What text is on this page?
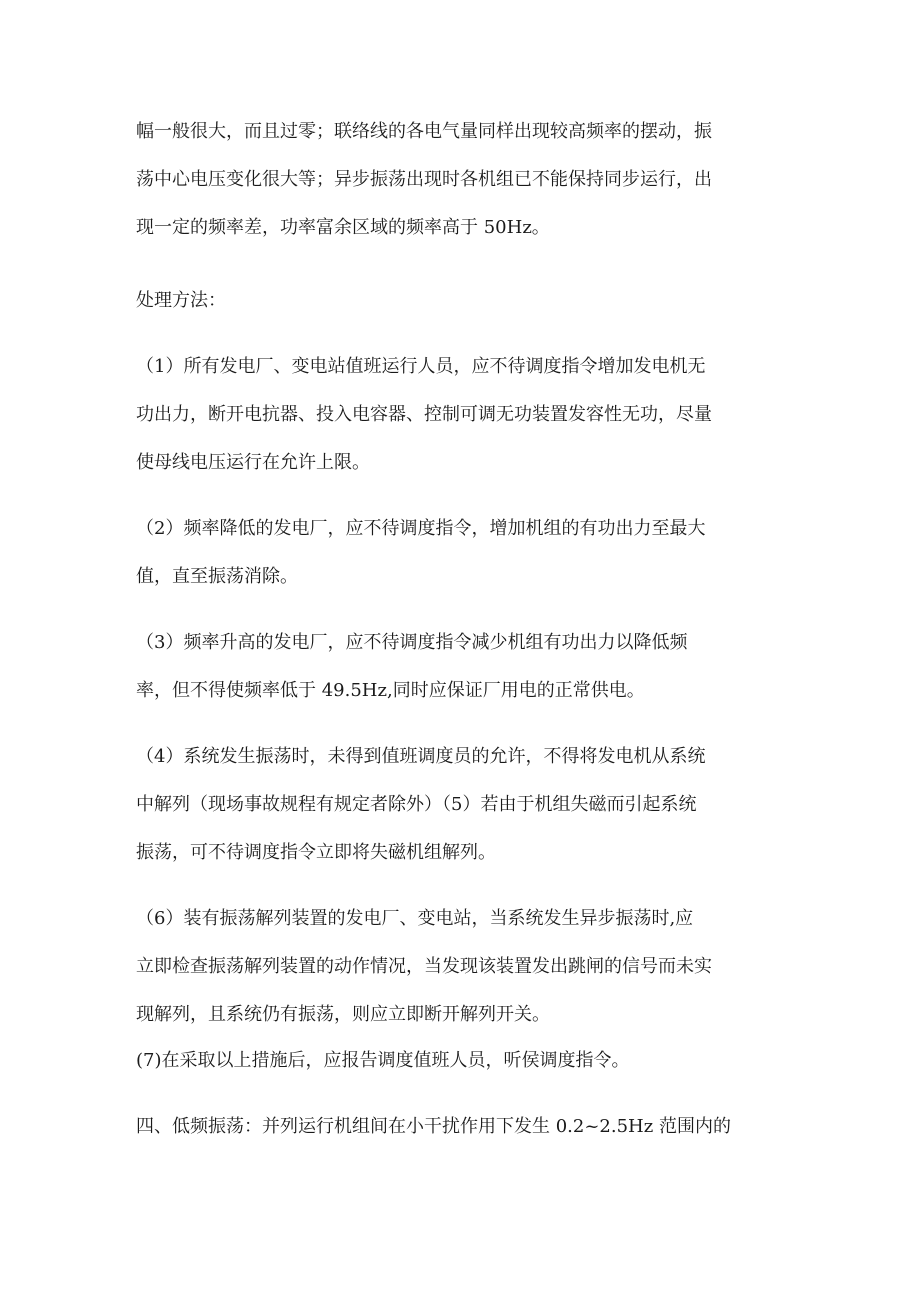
幅一般很大，而且过零；联络线的各电气量同样出现较高频率的摆动，振
荡中心电压变化很大等；异步振荡出现时各机组已不能保持同步运行，出
现一定的频率差，功率富余区域的频率高于 50Hz。
处理方法：
（1）所有发电厂、变电站值班运行人员，应不待调度指令增加发电机无
功出力，断开电抗器、投入电容器、控制可调无功装置发容性无功，尽量
使母线电压运行在允许上限。
（2）频率降低的发电厂，应不待调度指令，增加机组的有功出力至最大
值，直至振荡消除。
（3）频率升高的发电厂，应不待调度指令减少机组有功出力以降低频
率，但不得使频率低于 49.5Hz,同时应保证厂用电的正常供电。
（4）系统发生振荡时，未得到值班调度员的允许，不得将发电机从系统
中解列（现场事故规程有规定者除外）（5）若由于机组失磁而引起系统
振荡，可不待调度指令立即将失磁机组解列。
（6）装有振荡解列装置的发电厂、变电站，当系统发生异步振荡时,应
立即检查振荡解列装置的动作情况，当发现该装置发出跳闸的信号而未实
现解列，且系统仍有振荡，则应立即断开解列开关。
(7)在采取以上措施后，应报告调度值班人员，听侯调度指令。
四、低频振荡：并列运行机组间在小干扰作用下发生 0.2~2.5Hz 范围内的
